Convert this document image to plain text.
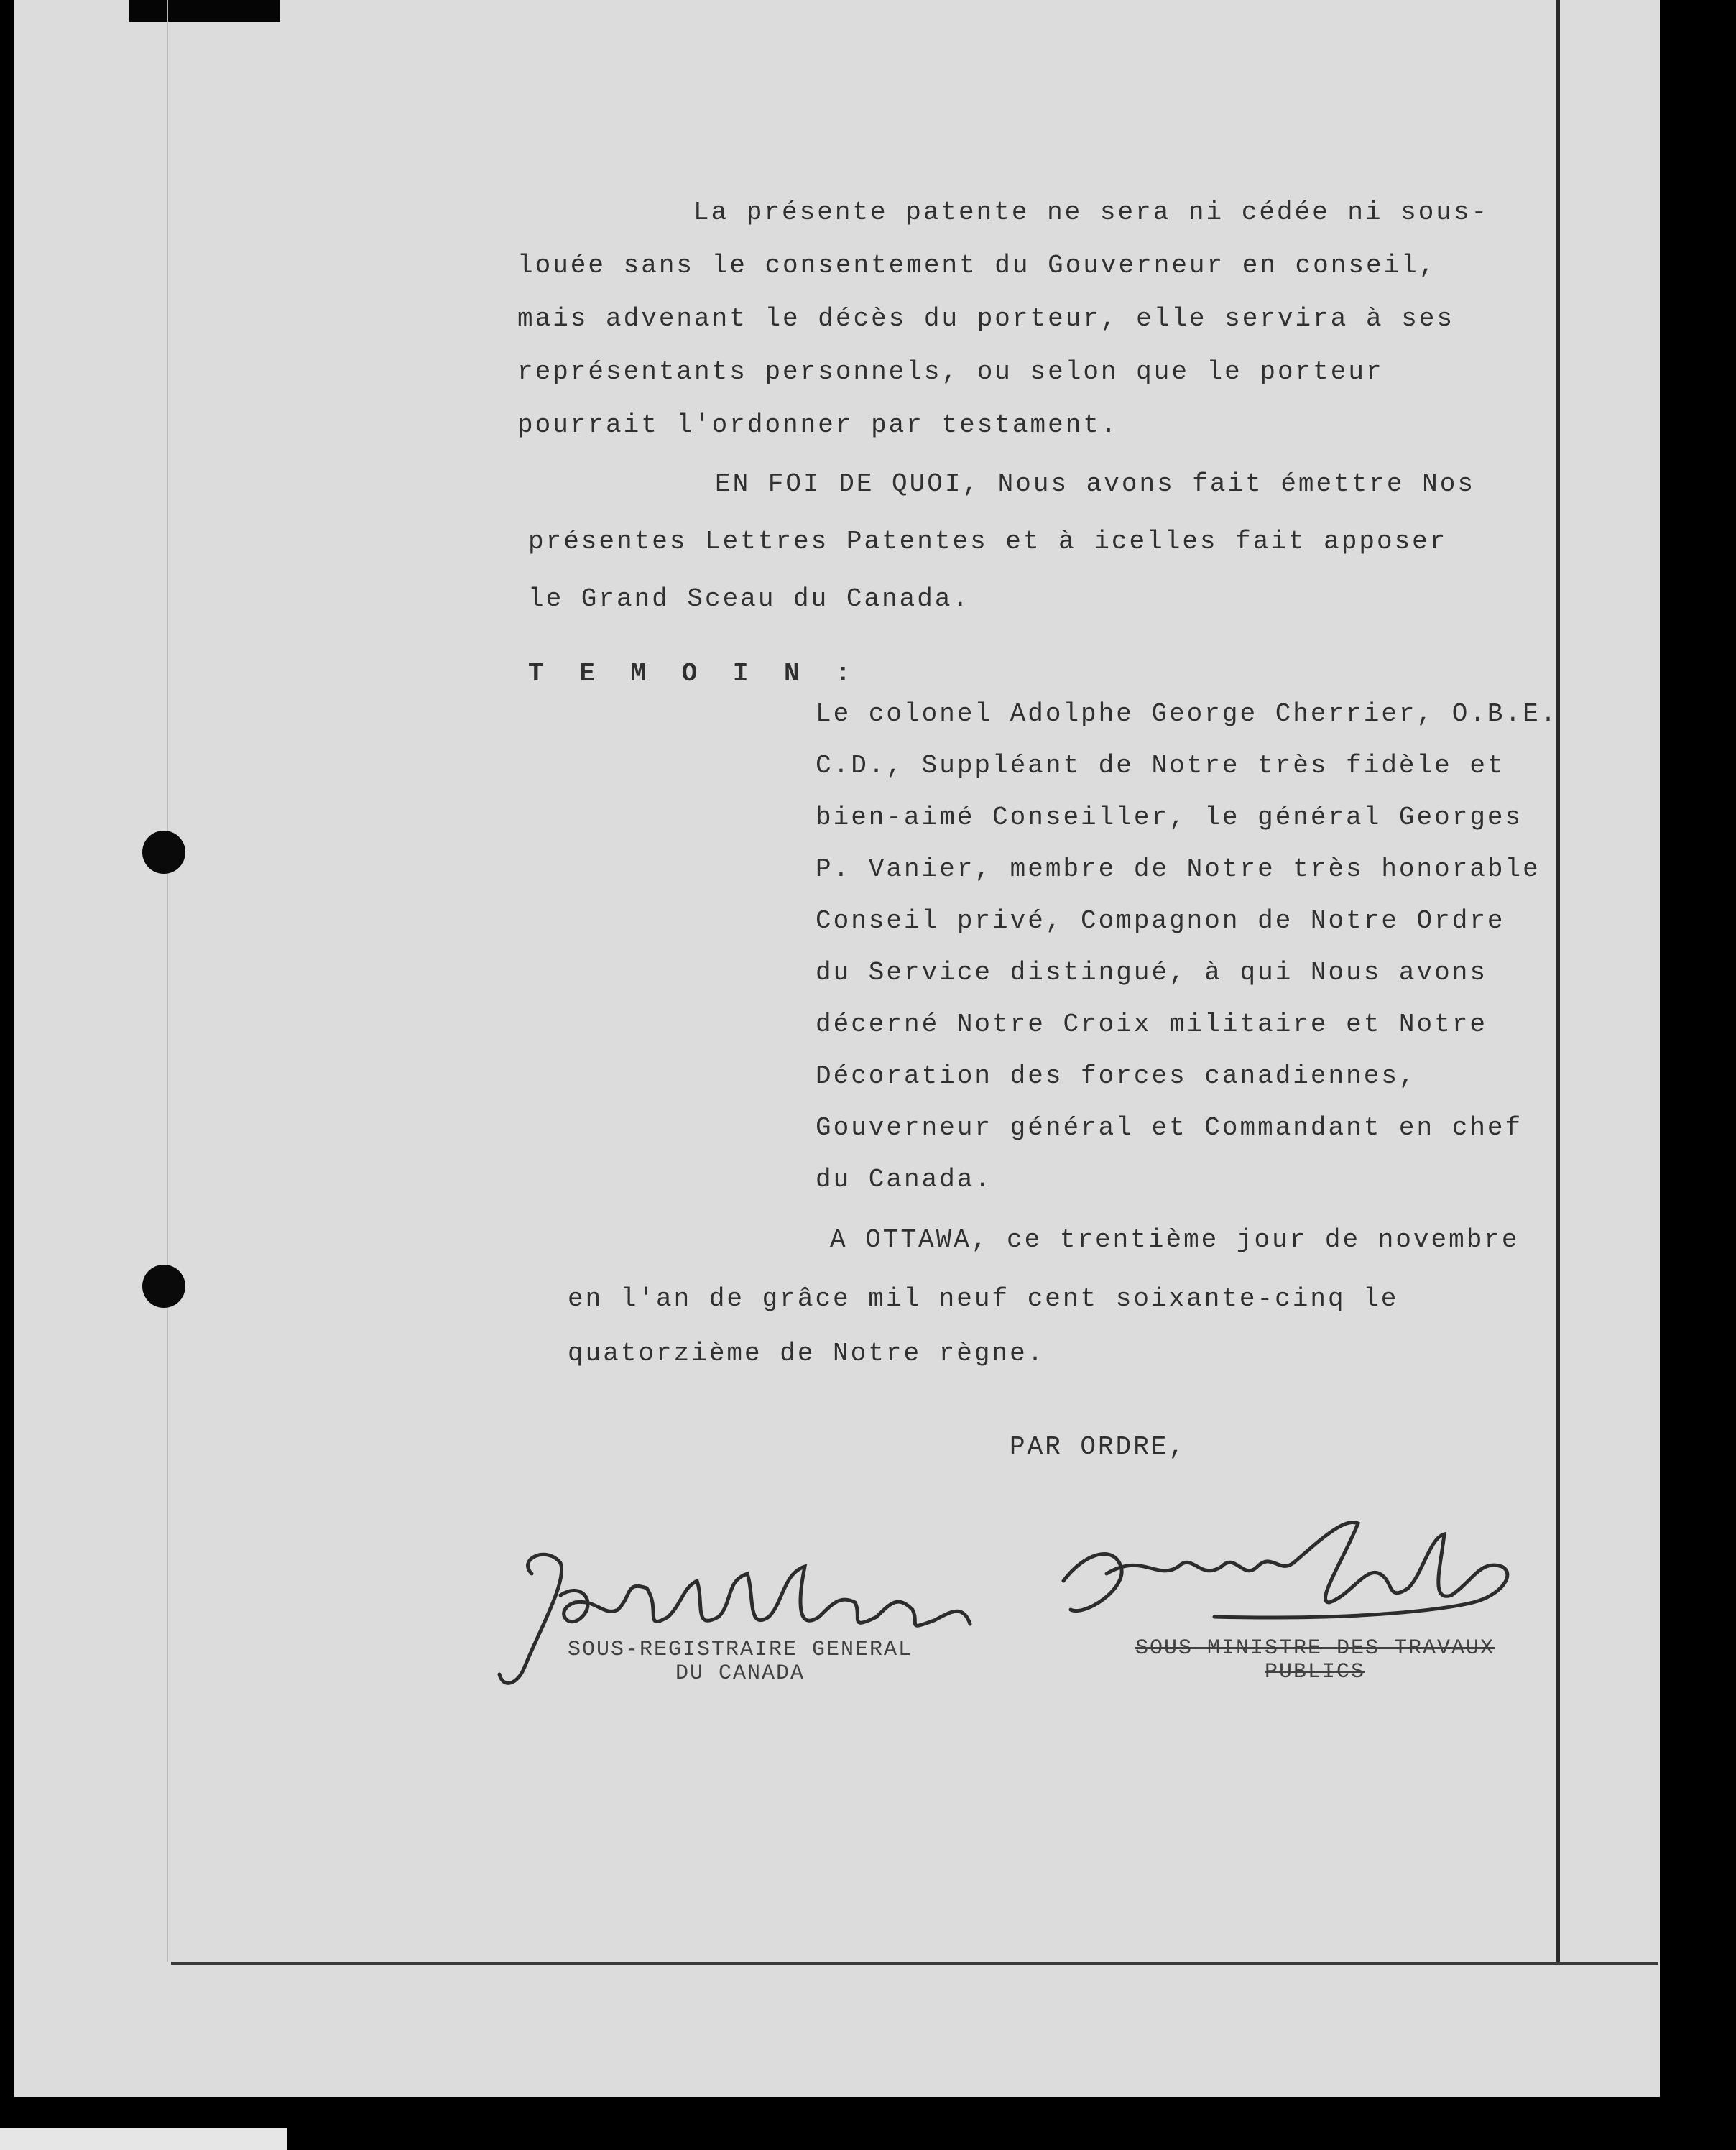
La présente patente ne sera ni cédée ni sous-
louée sans le consentement du Gouverneur en conseil,
mais advenant le décès du porteur, elle servira à ses
représentants personnels, ou selon que le porteur
pourrait l'ordonner par testament.
EN FOI DE QUOI, Nous avons fait émettre Nos
présentes Lettres Patentes et à icelles fait apposer
le Grand Sceau du Canada.
T E M O I N :
Le colonel Adolphe George Cherrier, O.B.E.
C.D., Suppléant de Notre très fidèle et
bien-aimé Conseiller, le général Georges
P. Vanier, membre de Notre très honorable
Conseil privé, Compagnon de Notre Ordre
du Service distingué, à qui Nous avons
décerné Notre Croix militaire et Notre
Décoration des forces canadiennes,
Gouverneur général et Commandant en chef
du Canada.
A OTTAWA, ce trentième jour de novembre
en l'an de grâce mil neuf cent soixante-cinq le
quatorzième de Notre règne.
PAR ORDRE,
SOUS-REGISTRAIRE GENERAL
DU CANADA
SOUS-MINISTRE DES TRAVAUX
PUBLICS
